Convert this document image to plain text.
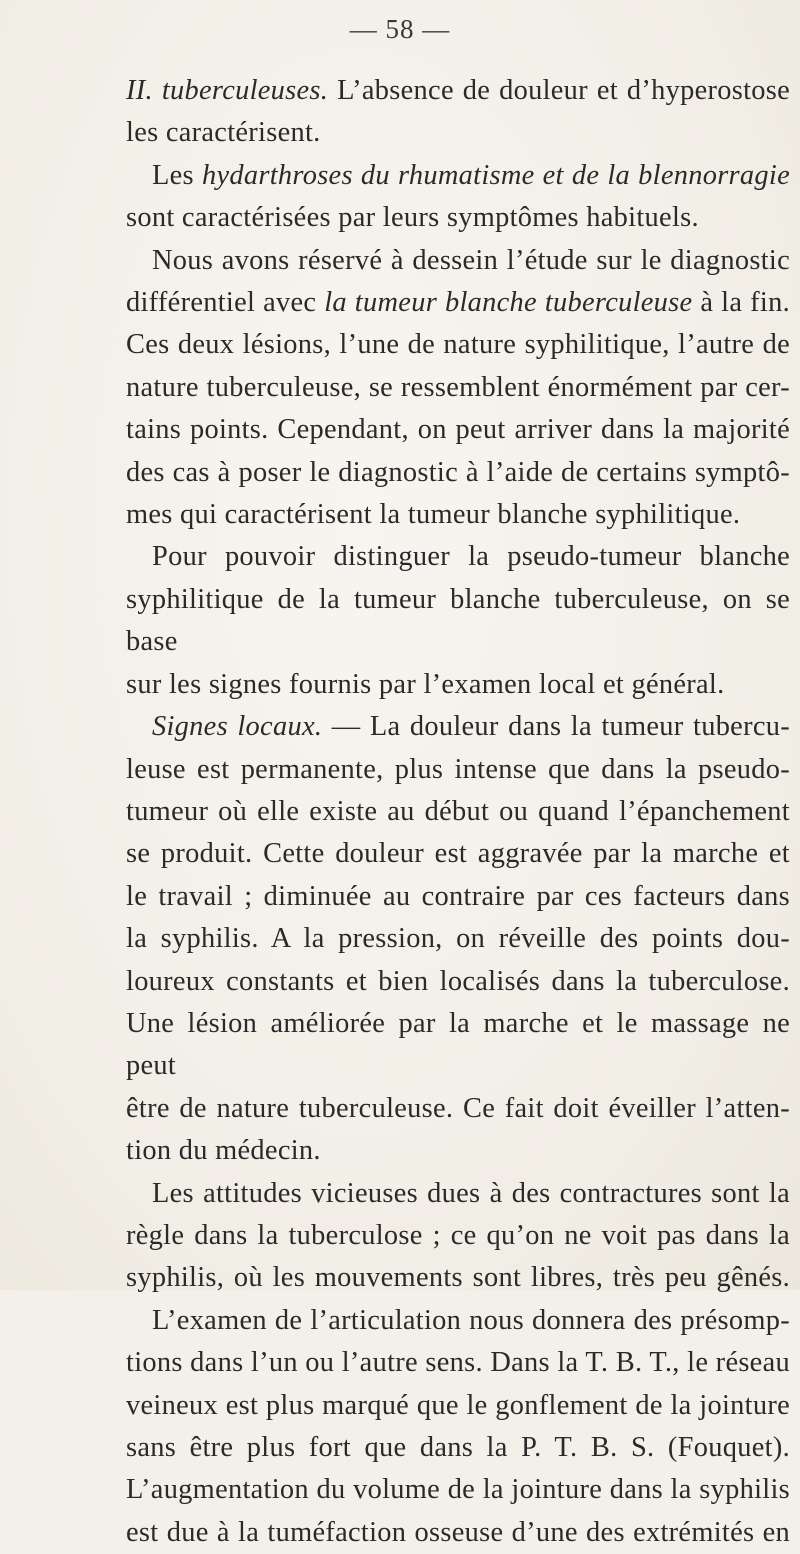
— 58 —
II. tuberculeuses. L’absence de douleur et d’hyperostose
les caractérisent.
Les hydarthroses du rhumatisme et de la blennorragie
sont caractérisées par leurs symptômes habituels.
Nous avons réservé à dessein l’étude sur le diagnostic
différentiel avec la tumeur blanche tuberculeuse à la fin.
Ces deux lésions, l’une de nature syphilitique, l’autre de
nature tuberculeuse, se ressemblent énormément par cer-
tains points. Cependant, on peut arriver dans la majorité
des cas à poser le diagnostic à l’aide de certains symptô-
mes qui caractérisent la tumeur blanche syphilitique.
Pour pouvoir distinguer la pseudo-tumeur blanche
syphilitique de la tumeur blanche tuberculeuse, on se base
sur les signes fournis par l’examen local et général.
Signes locaux. — La douleur dans la tumeur tubercu-
leuse est permanente, plus intense que dans la pseudo-
tumeur où elle existe au début ou quand l’épanchement
se produit. Cette douleur est aggravée par la marche et
le travail ; diminuée au contraire par ces facteurs dans
la syphilis. A la pression, on réveille des points dou-
loureux constants et bien localisés dans la tuberculose.
Une lésion améliorée par la marche et le massage ne peut
être de nature tuberculeuse. Ce fait doit éveiller l’atten-
tion du médecin.
Les attitudes vicieuses dues à des contractures sont la
règle dans la tuberculose ; ce qu’on ne voit pas dans la
syphilis, où les mouvements sont libres, très peu gênés.
L’examen de l’articulation nous donnera des présomp-
tions dans l’un ou l’autre sens. Dans la T. B. T., le réseau
veineux est plus marqué que le gonflement de la jointure
sans être plus fort que dans la P. T. B. S. (Fouquet).
L’augmentation du volume de la jointure dans la syphilis
est due à la tuméfaction osseuse d’une des extrémités en
